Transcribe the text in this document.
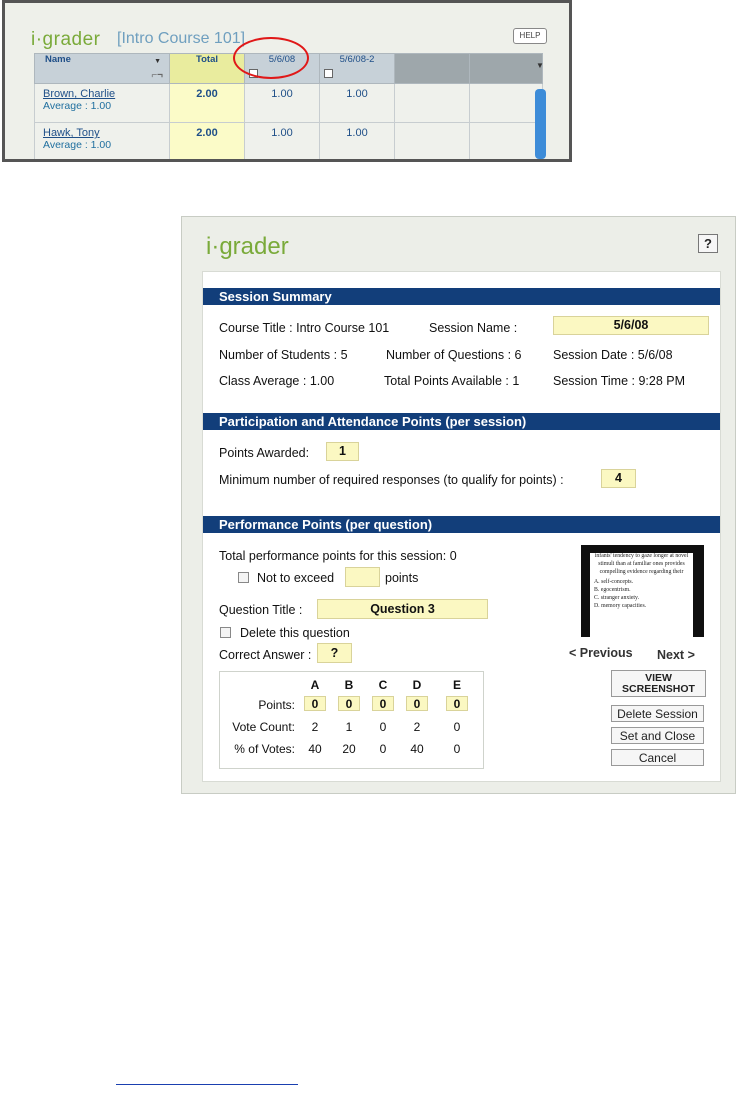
i·grader [Intro Course 101]	HELP
Name ▼
⌐¬	Total	5/6/08	5/6/08-2

Brown, Charlie
Average : 1.00	2.00	1.00	1.00		
Hawk, Tony
Average : 1.00	2.00	1.00	1.00		
▼
i·grader	?
Session Summary
Course Title : Intro Course 101	Session Name :	5/6/08
Number of Students : 5	Number of Questions : 6	Session Date : 5/6/08
Class Average : 1.00	Total Points Available : 1	Session Time : 9:28 PM
Participation and Attendance Points (per session)
Points Awarded:	1
Minimum number of required responses (to qualify for points) :	4
Performance Points (per question)
Total performance points for this session: 0
Not to exceed	points
Question Title :	Question 3
Delete this question
Correct Answer :	?
A	B	C	D	E
Points:	0	0	0	0	0
Vote Count:	2	1	0	2	0
% of Votes:	40	20	0	40	0
infants' tendency to gaze longer at novel stimuli than at familiar ones provides compelling evidence regarding their
A. self-concepts.
B. egocentrism.
C. stranger anxiety.
D. memory capacities.
< Previous Next >
VIEW
SCREENSHOT
Delete Session
Set and Close
Cancel
